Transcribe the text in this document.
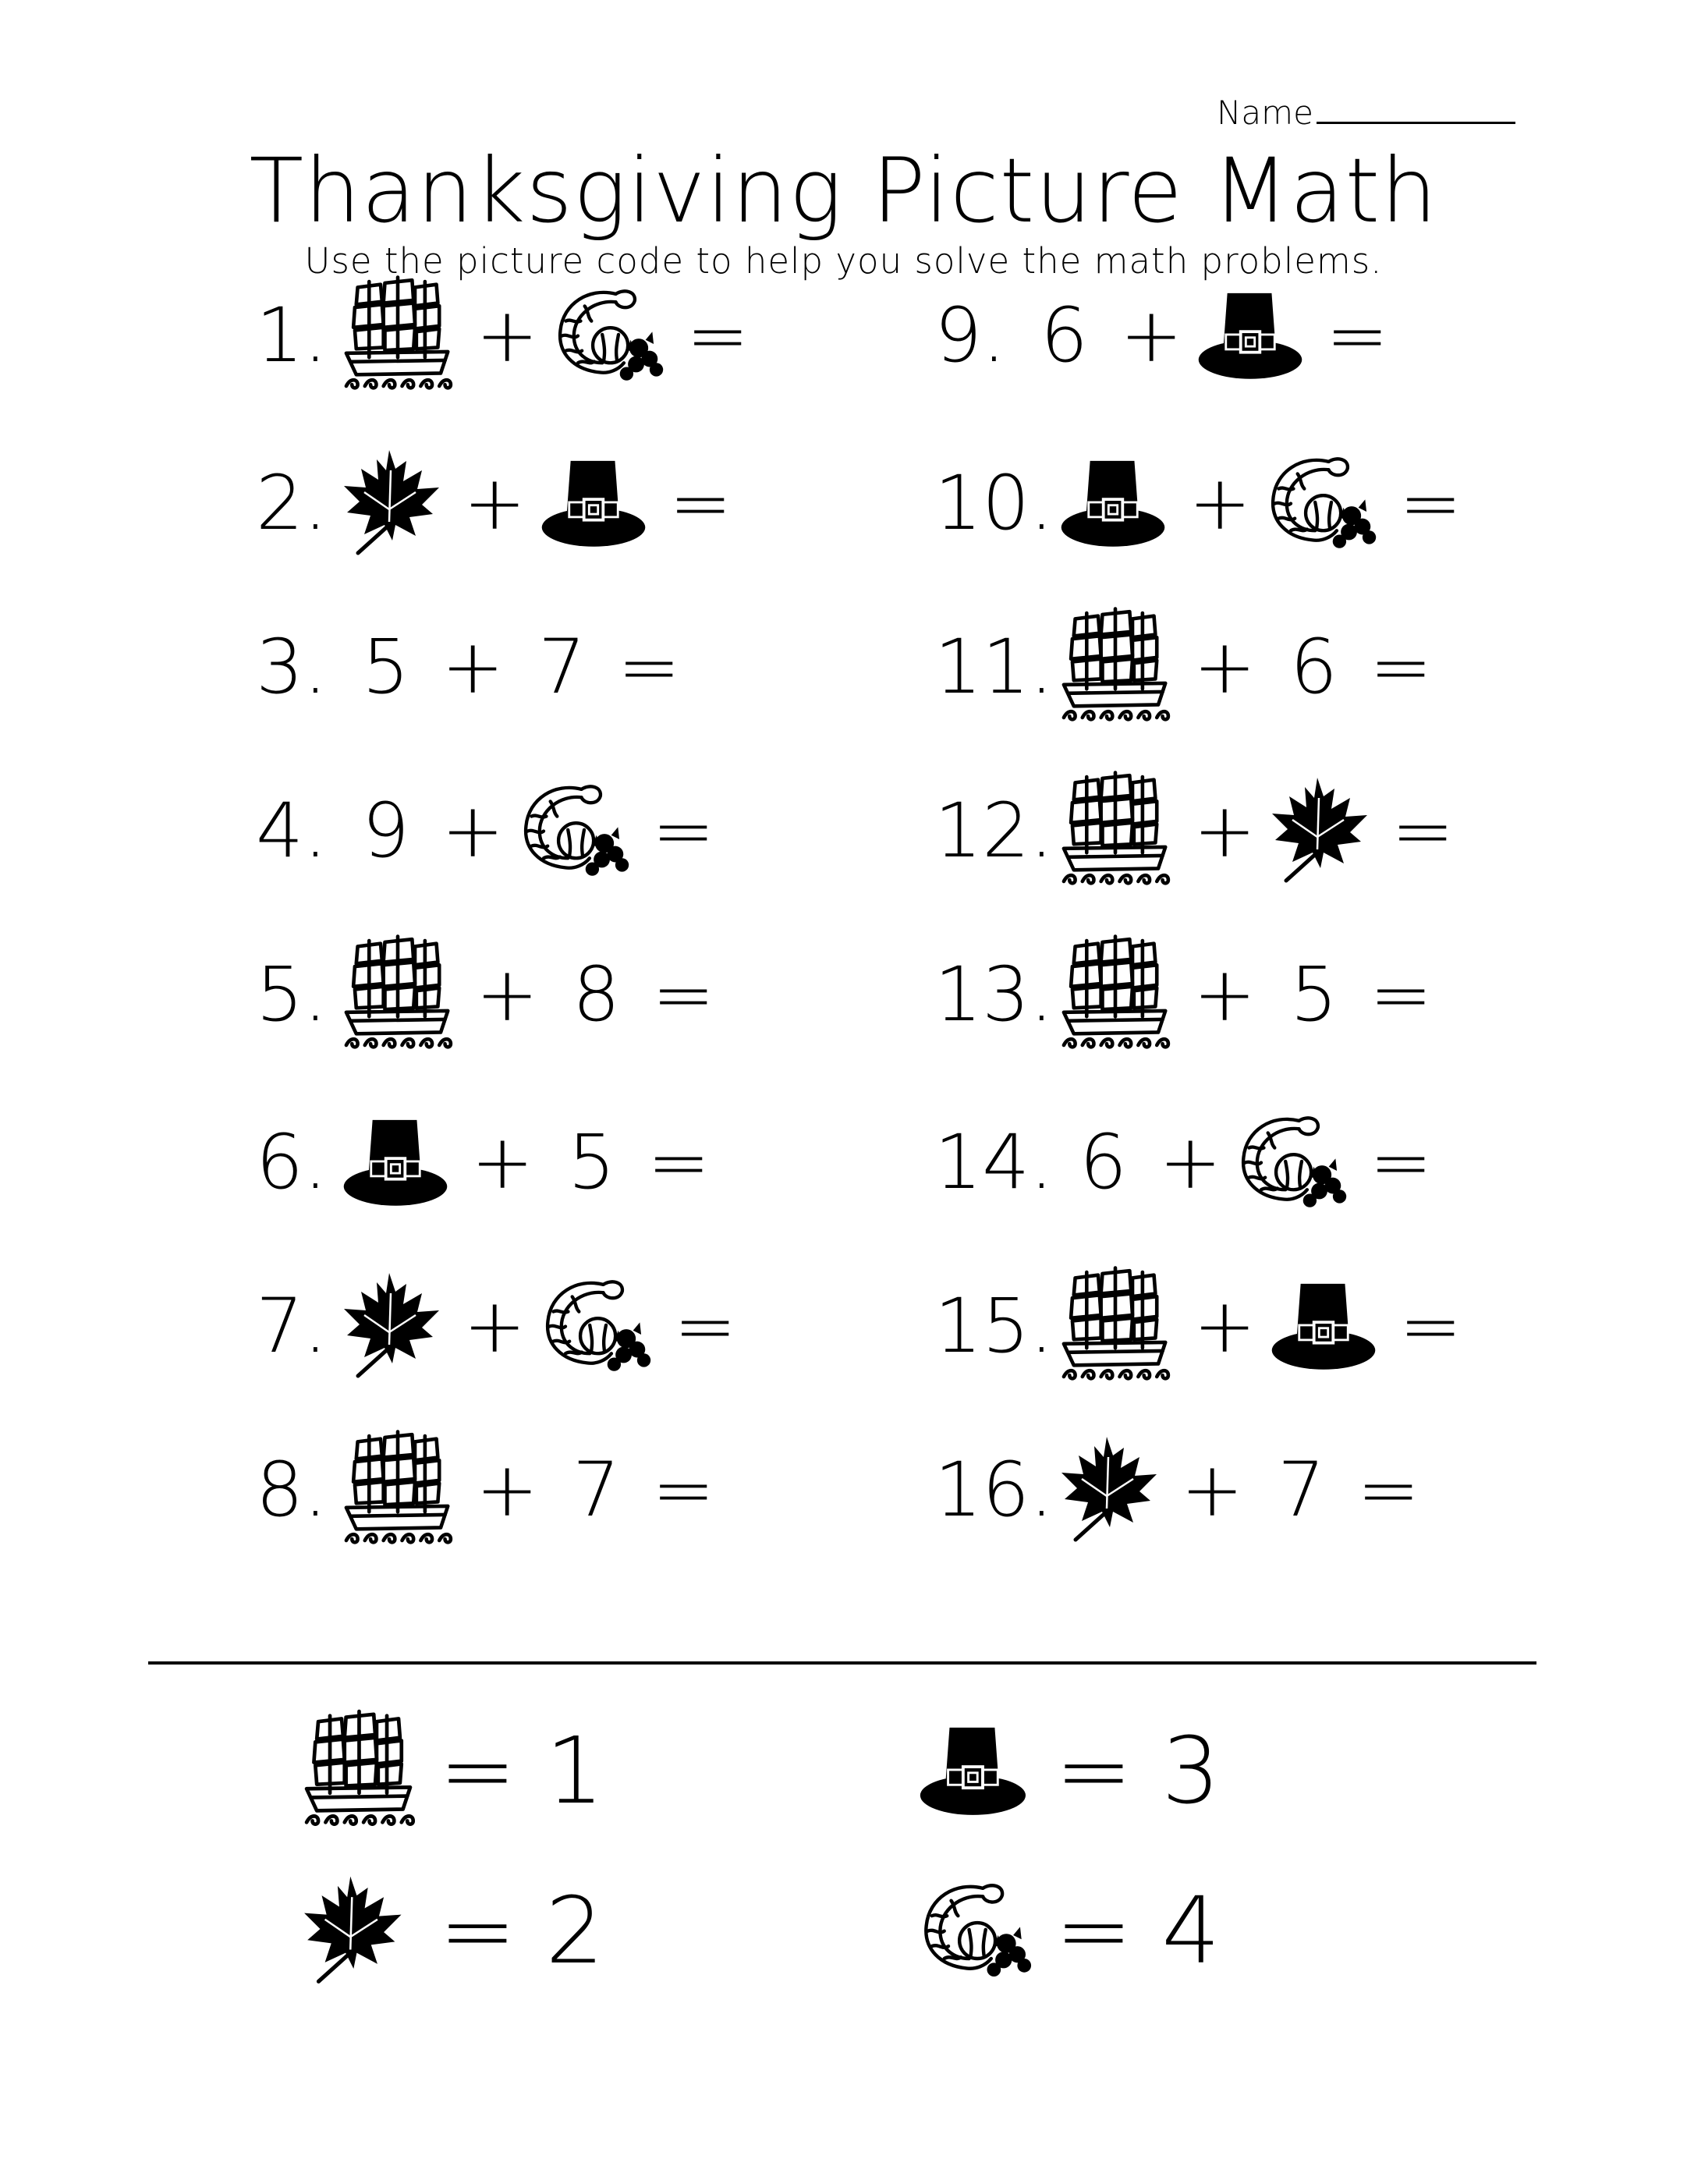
Name
Thanksgiving Picture Math
Use the picture code to help you solve the math problems.
1. + =
2. + =
3. 5 + 7 =
4. 9 + =
5. + 8 =
6. + 5 =
7. + =
8. + 7 =
9. 6 + =
10. + =
11. + 6 =
12. + =
13. + 5 =
14. 6 + =
15. + =
16. + 7 =
= 1	= 3
= 2	= 4
